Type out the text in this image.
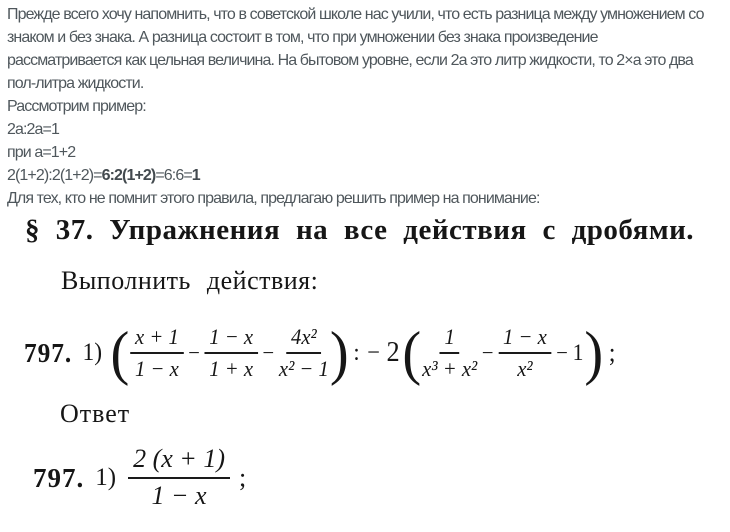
Прежде всего хочу напомнить, что в советской школе нас учили, что есть разница между умножением со
знаком и без знака. А разница состоит в том, что при умножении без знака произведение
рассматривается как цельная величина. На бытовом уровне, если 2а это литр жидкости, то 2×а это два
пол-литра жидкости.
Рассмотрим пример:
2а:2а=1
при а=1+2
2(1+2):2(1+2)=6:2(1+2)=6:6=1
Для тех, кто не помнит этого правила, предлагаю решить пример на понимание:
§ 37. Упражнения на все действия с дробями.
Выполнить действия:
797. 1) ( $\frac{x + 1}{1 - x} - \frac{1 - x}{1 + x} - \frac{\text{4x²}}{\text{x² − 1}}$ ) : − 2 ( $\frac{1}{\text{x³ + x²}} - \frac{1 - x}{\text{x²}} - 1$ ) ;
Ответ
797. $1) \frac{2 (x + 1)}{1 - x}$ ;
